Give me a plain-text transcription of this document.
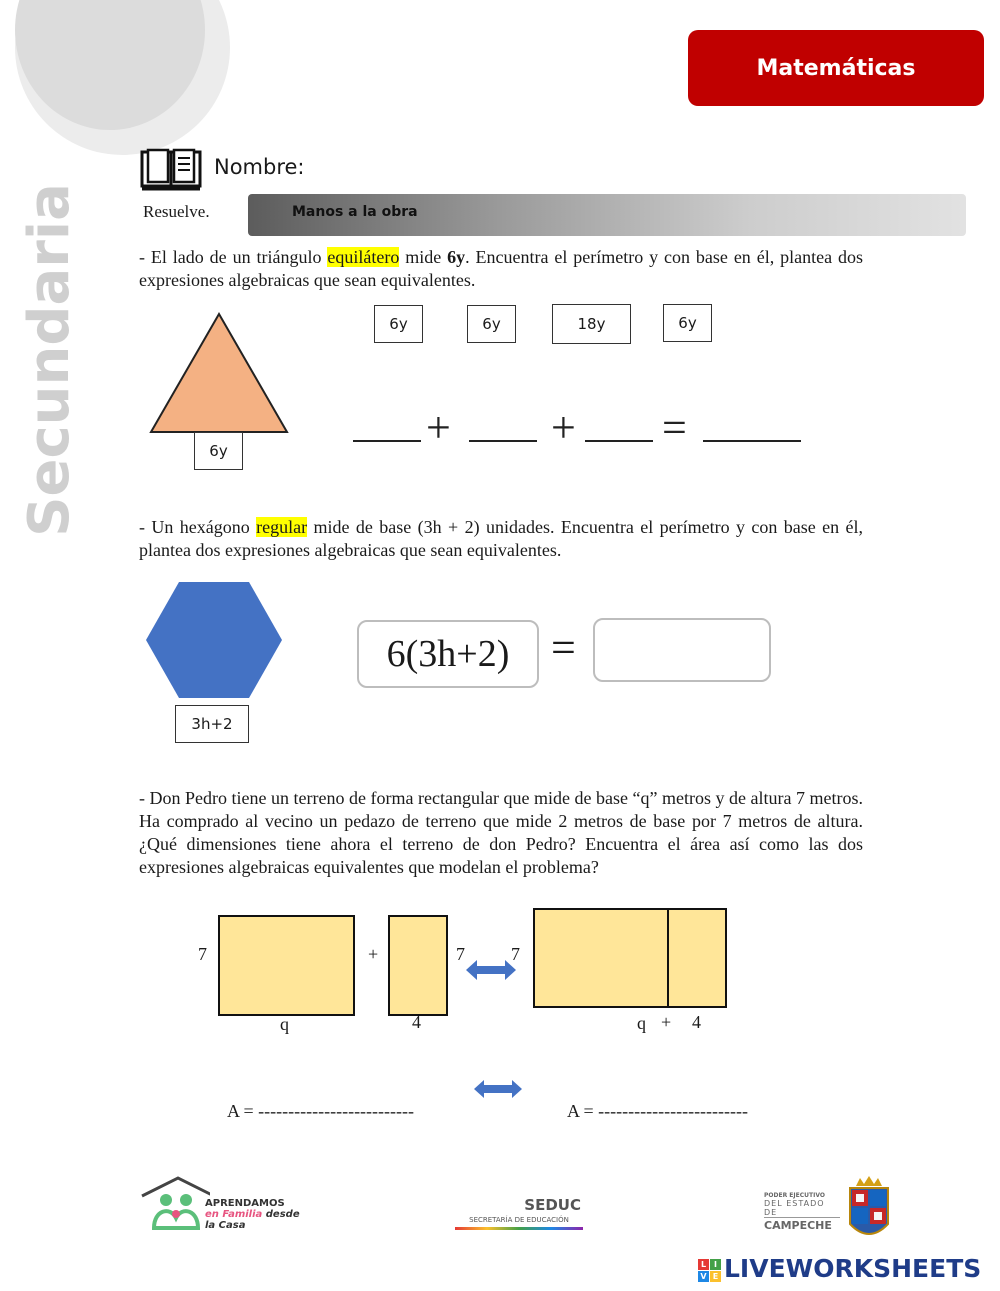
Matemáticas
Secundaria
Nombre:
Resuelve.	Manos a la obra
- El lado de un triángulo equilátero mide 6y. Encuentra el perímetro y con base en él, plantea dos expresiones algebraicas que sean equivalentes.
6y
6y	6y	18y	6y
+ + =
- Un hexágono regular mide de base (3h + 2) unidades. Encuentra el perímetro y con base en él, plantea dos expresiones algebraicas que sean equivalentes.
3h+2
6(3h+2) =
- Don Pedro tiene un terreno de forma rectangular que mide de base “q” metros y de altura 7 metros. Ha comprado al vecino un pedazo de terreno que mide 2 metros de base por 7 metros de altura. ¿Qué dimensiones tiene ahora el terreno de don Pedro? Encuentra el área así como las dos expresiones algebraicas equivalentes que modelan el problema?
7
q
+
4
7	7
q + 4
A = --------------------------	A = -------------------------
APRENDAMOS
en Familia desde
la Casa
SEDUC
SECRETARÍA DE EDUCACIÓN
PODER EJECUTIVO
DEL ESTADO DE
CAMPECHE
L I
V E LIVEWORKSHEETS
